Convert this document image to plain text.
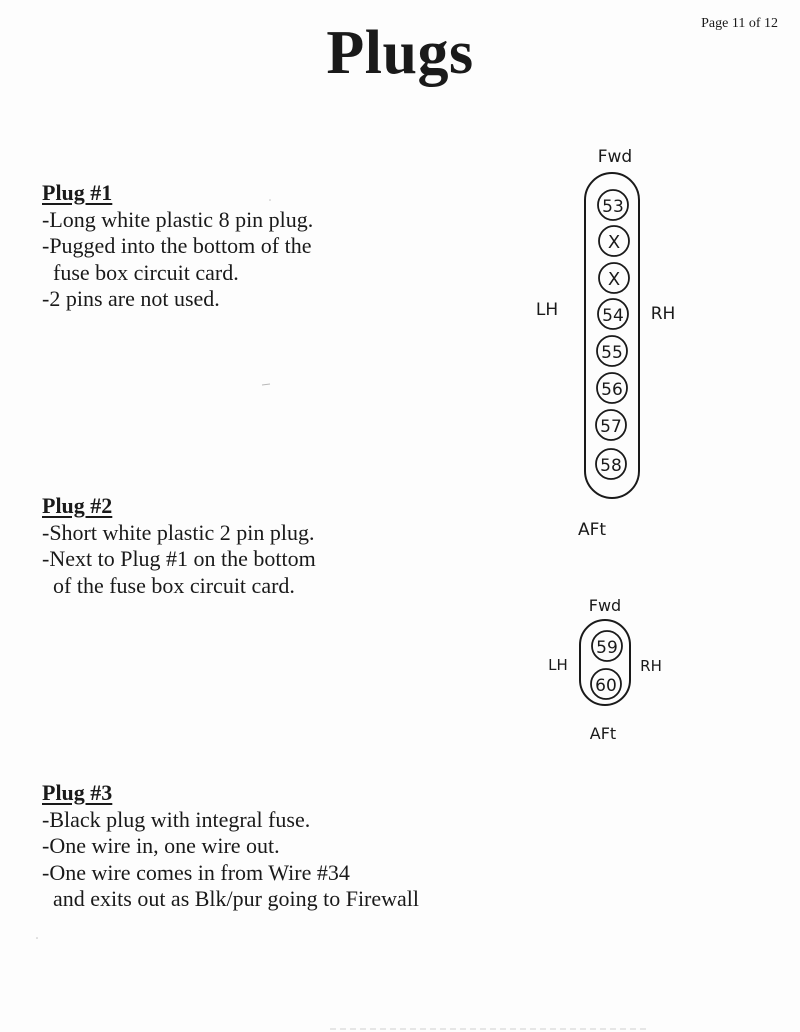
Page 11 of 12
Plugs
Plug #1
-Long white plastic 8 pin plug.
-Pugged into the bottom of the
fuse box circuit card.
-2 pins are not used.
Plug #2
-Short white plastic 2 pin plug.
-Next to Plug #1 on the bottom
of the fuse box circuit card.
Plug #3
-Black plug with integral fuse.
-One wire in, one wire out.
-One wire comes in from Wire #34
and exits out as Blk/pur going to Firewall
Fwd
LH	RH
53
X
X
54
55
56
57
58
AFt
Fwd
LH	RH
59
60
AFt
